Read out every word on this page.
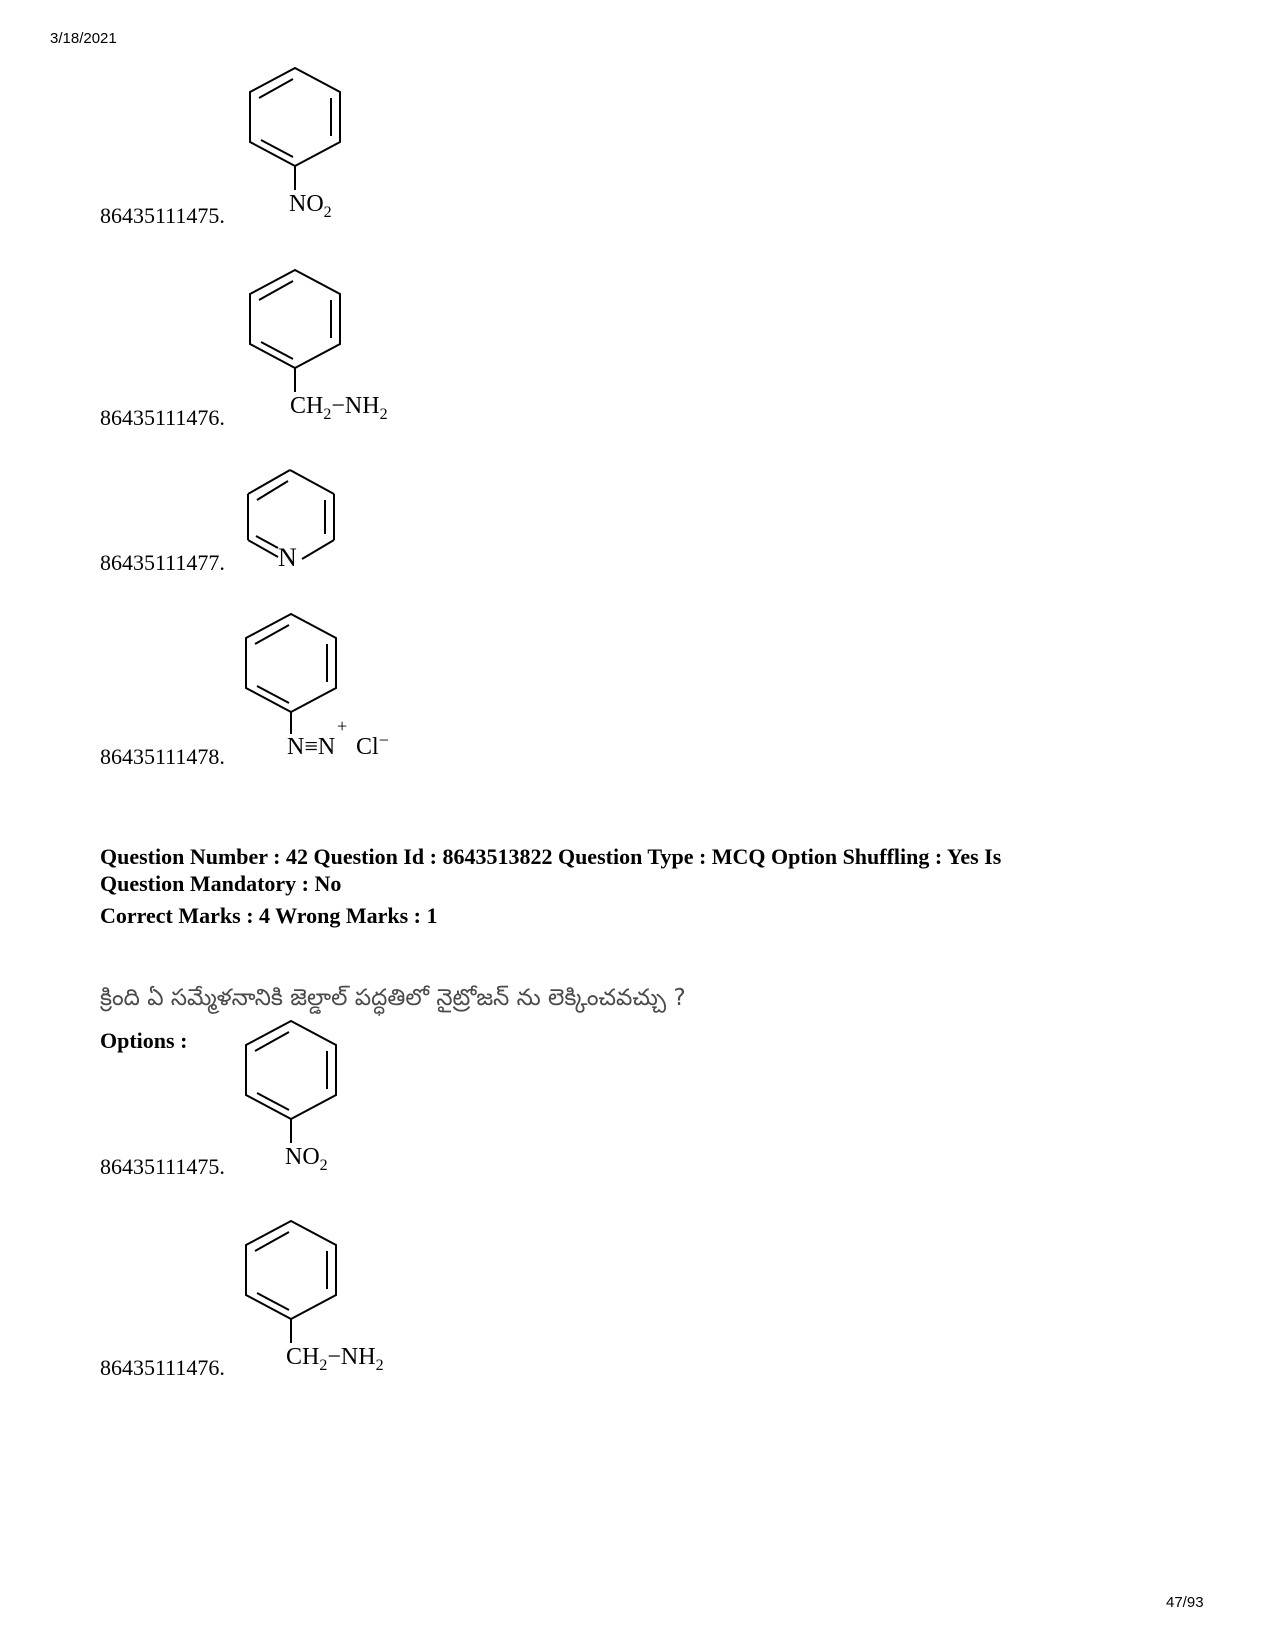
3/18/2021
86435111475.	$NO_2$
86435111476.	$CH_2-NH_2$
86435111477. N
86435111478.	N≡N
+
Cl−
Question Number : 42 Question Id : 8643513822 Question Type : MCQ Option Shuffling : Yes Is
Question Mandatory : No
Correct Marks : 4 Wrong Marks : 1
క్రింది ఏ సమ్మేళనానికి జెల్డాల్ పద్ధతిలో నైట్రోజన్ ను లెక్కించవచ్చు ?
Options :
86435111475.	$NO_2$
86435111476.	$CH_2-NH_2$
47/93
